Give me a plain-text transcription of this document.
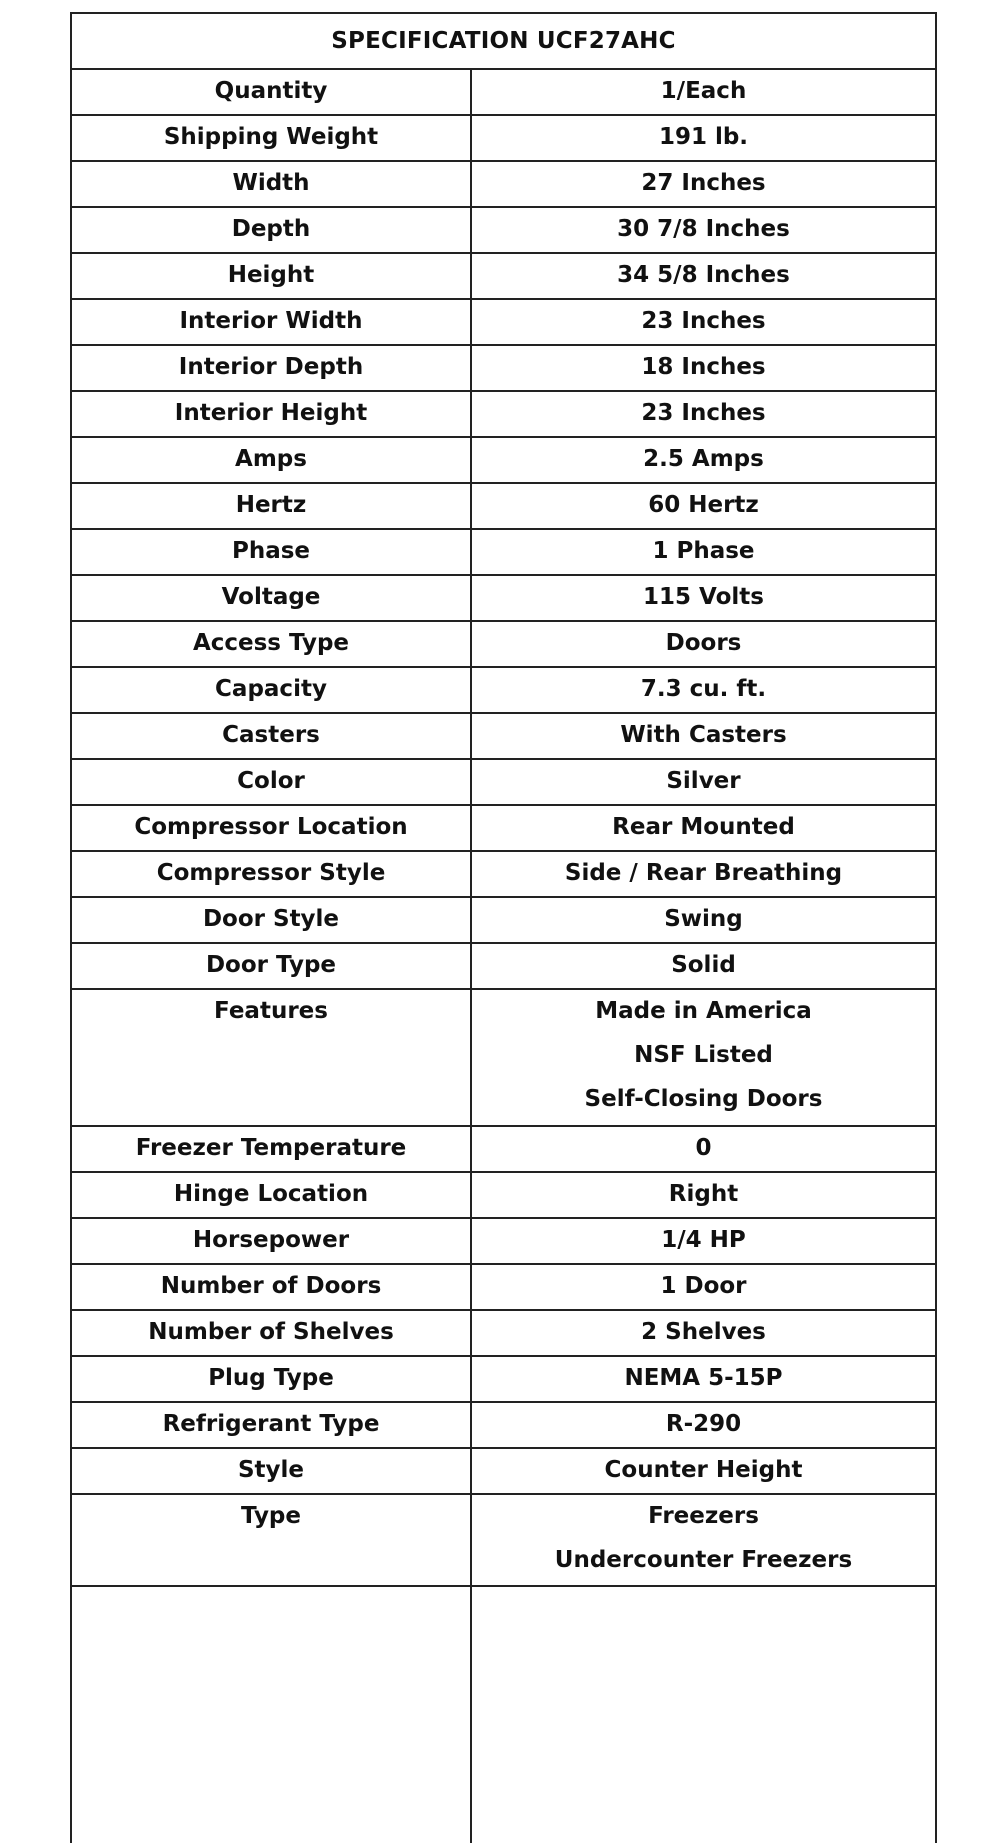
SPECIFICATION UCF27AHC
Quantity	1/Each
Shipping Weight	191 lb.
Width	27 Inches
Depth	30 7/8 Inches
Height	34 5/8 Inches
Interior Width	23 Inches
Interior Depth	18 Inches
Interior Height	23 Inches
Amps	2.5 Amps
Hertz	60 Hertz
Phase	1 Phase
Voltage	115 Volts
Access Type	Doors
Capacity	7.3 cu. ft.
Casters	With Casters
Color	Silver
Compressor Location	Rear Mounted
Compressor Style	Side / Rear Breathing
Door Style	Swing
Door Type	Solid
Features	Made in America
NSF Listed
Self-Closing Doors
Freezer Temperature	0
Hinge Location	Right
Horsepower	1/4 HP
Number of Doors	1 Door
Number of Shelves	2 Shelves
Plug Type	NEMA 5-15P
Refrigerant Type	R-290
Style	Counter Height
Type	Freezers
Undercounter Freezers
